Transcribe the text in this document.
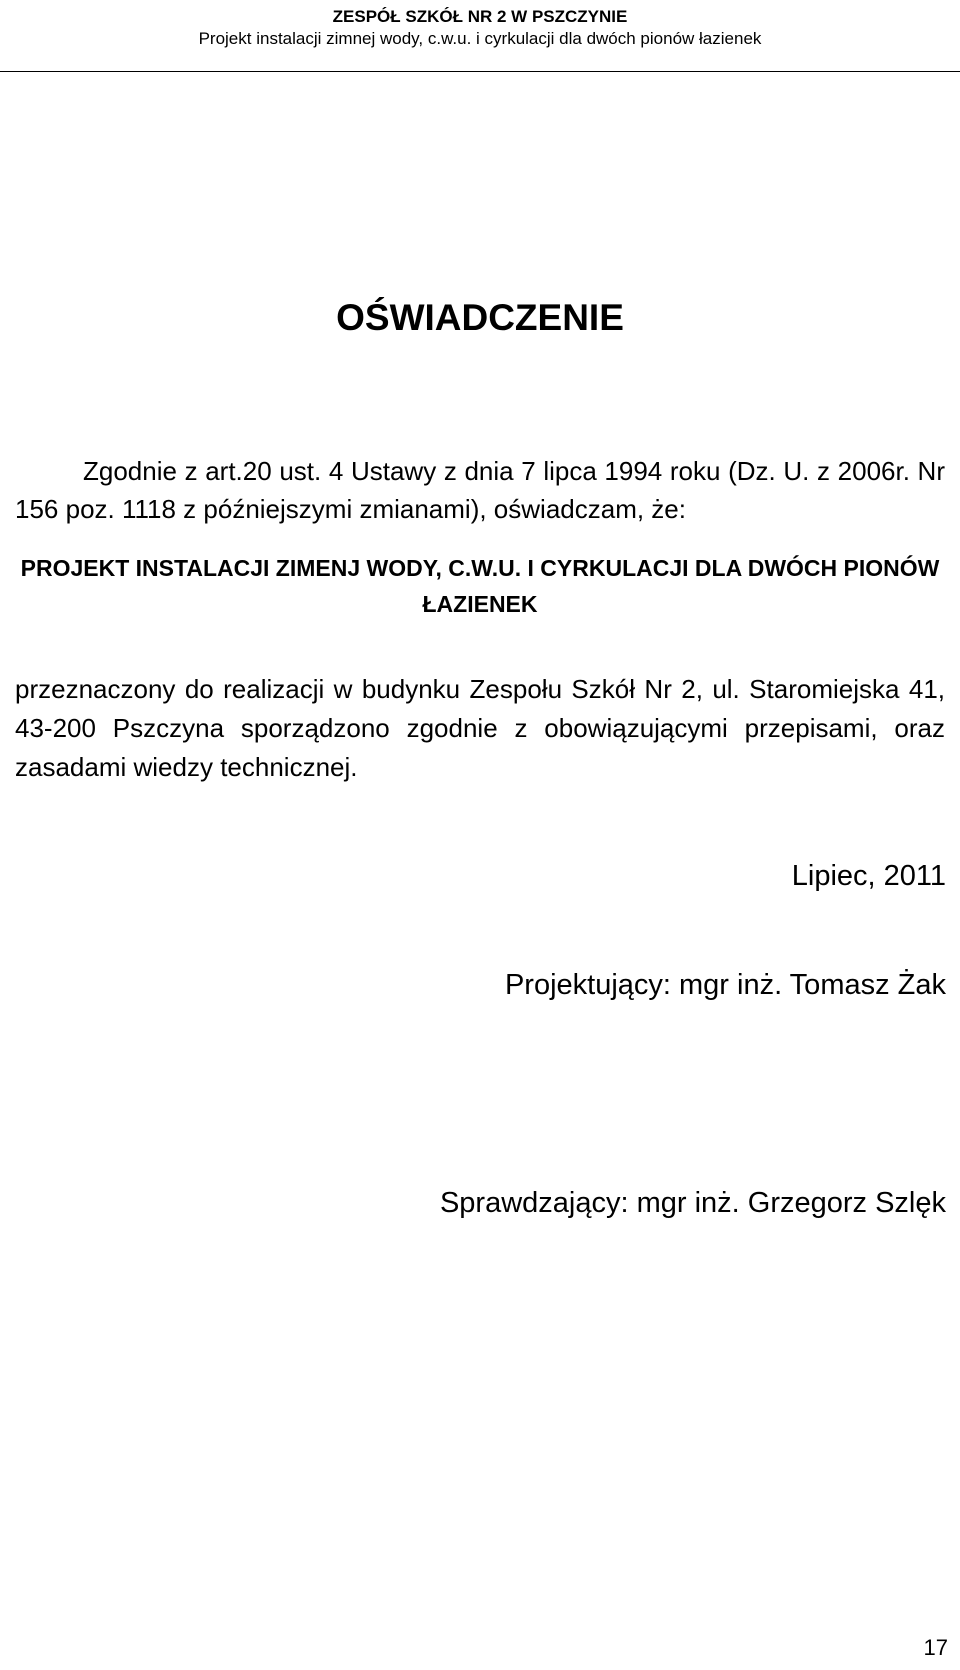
ZESPÓŁ SZKÓŁ NR 2 W PSZCZYNIE
Projekt instalacji zimnej wody, c.w.u. i cyrkulacji dla dwóch pionów łazienek
OŚWIADCZENIE
Zgodnie z art.20 ust. 4 Ustawy z dnia 7 lipca 1994 roku (Dz. U. z 2006r. Nr 156 poz. 1118 z późniejszymi zmianami), oświadczam, że:
PROJEKT INSTALACJI ZIMENJ WODY, C.W.U. I CYRKULACJI DLA DWÓCH PIONÓW ŁAZIENEK
przeznaczony do realizacji w budynku Zespołu Szkół Nr 2, ul. Staromiejska 41, 43-200 Pszczyna sporządzono zgodnie z obowiązującymi przepisami, oraz zasadami wiedzy technicznej.
Lipiec, 2011
Projektujący: mgr inż. Tomasz Żak
Sprawdzający: mgr inż. Grzegorz Szlęk
17
